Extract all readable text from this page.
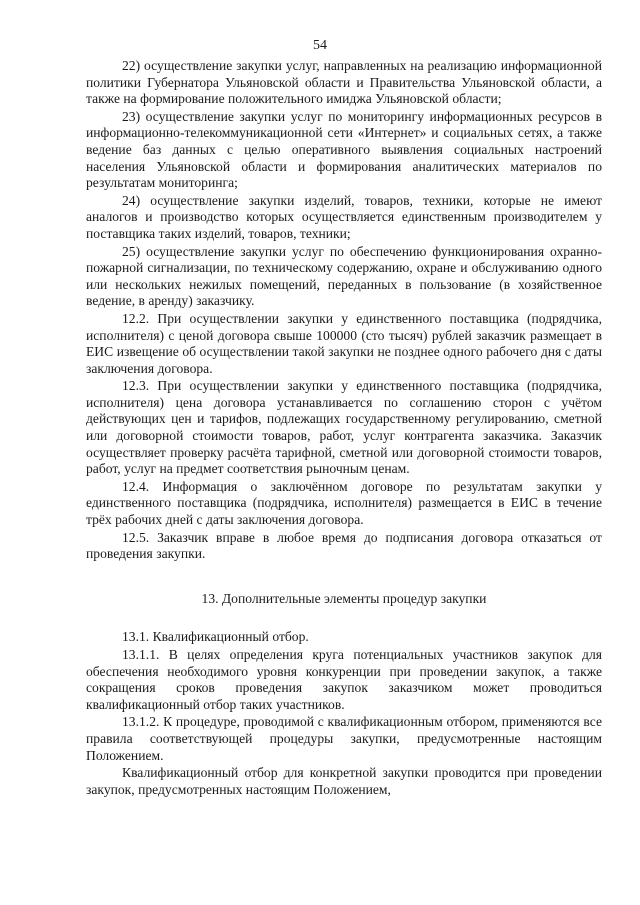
54

22) осуществление закупки услуг, направленных на реализацию информационной политики Губернатора Ульяновской области и Правительства Ульяновской области, а также на формирование положительного имиджа Ульяновской области;

23) осуществление закупки услуг по мониторингу информационных ресурсов в информационно-телекоммуникационной сети «Интернет» и социальных сетях, а также ведение баз данных с целью оперативного выявления социальных настроений населения Ульяновской области и формирования аналитических материалов по результатам мониторинга;

24) осуществление закупки изделий, товаров, техники, которые не имеют аналогов и производство которых осуществляется единственным производителем у поставщика таких изделий, товаров, техники;

25) осуществление закупки услуг по обеспечению функционирования охранно-пожарной сигнализации, по техническому содержанию, охране и обслуживанию одного или нескольких нежилых помещений, переданных в пользование (в хозяйственное ведение, в аренду) заказчику.

12.2. При осуществлении закупки у единственного поставщика (подрядчика, исполнителя) с ценой договора свыше 100000 (сто тысяч) рублей заказчик размещает в ЕИС извещение об осуществлении такой закупки не позднее одного рабочего дня с даты заключения договора.

12.3. При осуществлении закупки у единственного поставщика (подрядчика, исполнителя) цена договора устанавливается по соглашению сторон с учётом действующих цен и тарифов, подлежащих государственному регулированию, сметной или договорной стоимости товаров, работ, услуг контрагента заказчика. Заказчик осуществляет проверку расчёта тарифной, сметной или договорной стоимости товаров, работ, услуг на предмет соответствия рыночным ценам.

12.4. Информация о заключённом договоре по результатам закупки у единственного поставщика (подрядчика, исполнителя) размещается в ЕИС в течение трёх рабочих дней с даты заключения договора.

12.5. Заказчик вправе в любое время до подписания договора отказаться от проведения закупки.

13. Дополнительные элементы процедур закупки

13.1. Квалификационный отбор.

13.1.1. В целях определения круга потенциальных участников закупок для обеспечения необходимого уровня конкуренции при проведении закупок, а также сокращения сроков проведения закупок заказчиком может проводиться квалификационный отбор таких участников.

13.1.2. К процедуре, проводимой с квалификационным отбором, применяются все правила соответствующей процедуры закупки, предусмотренные настоящим Положением.

Квалификационный отбор для конкретной закупки проводится при проведении закупок, предусмотренных настоящим Положением,
